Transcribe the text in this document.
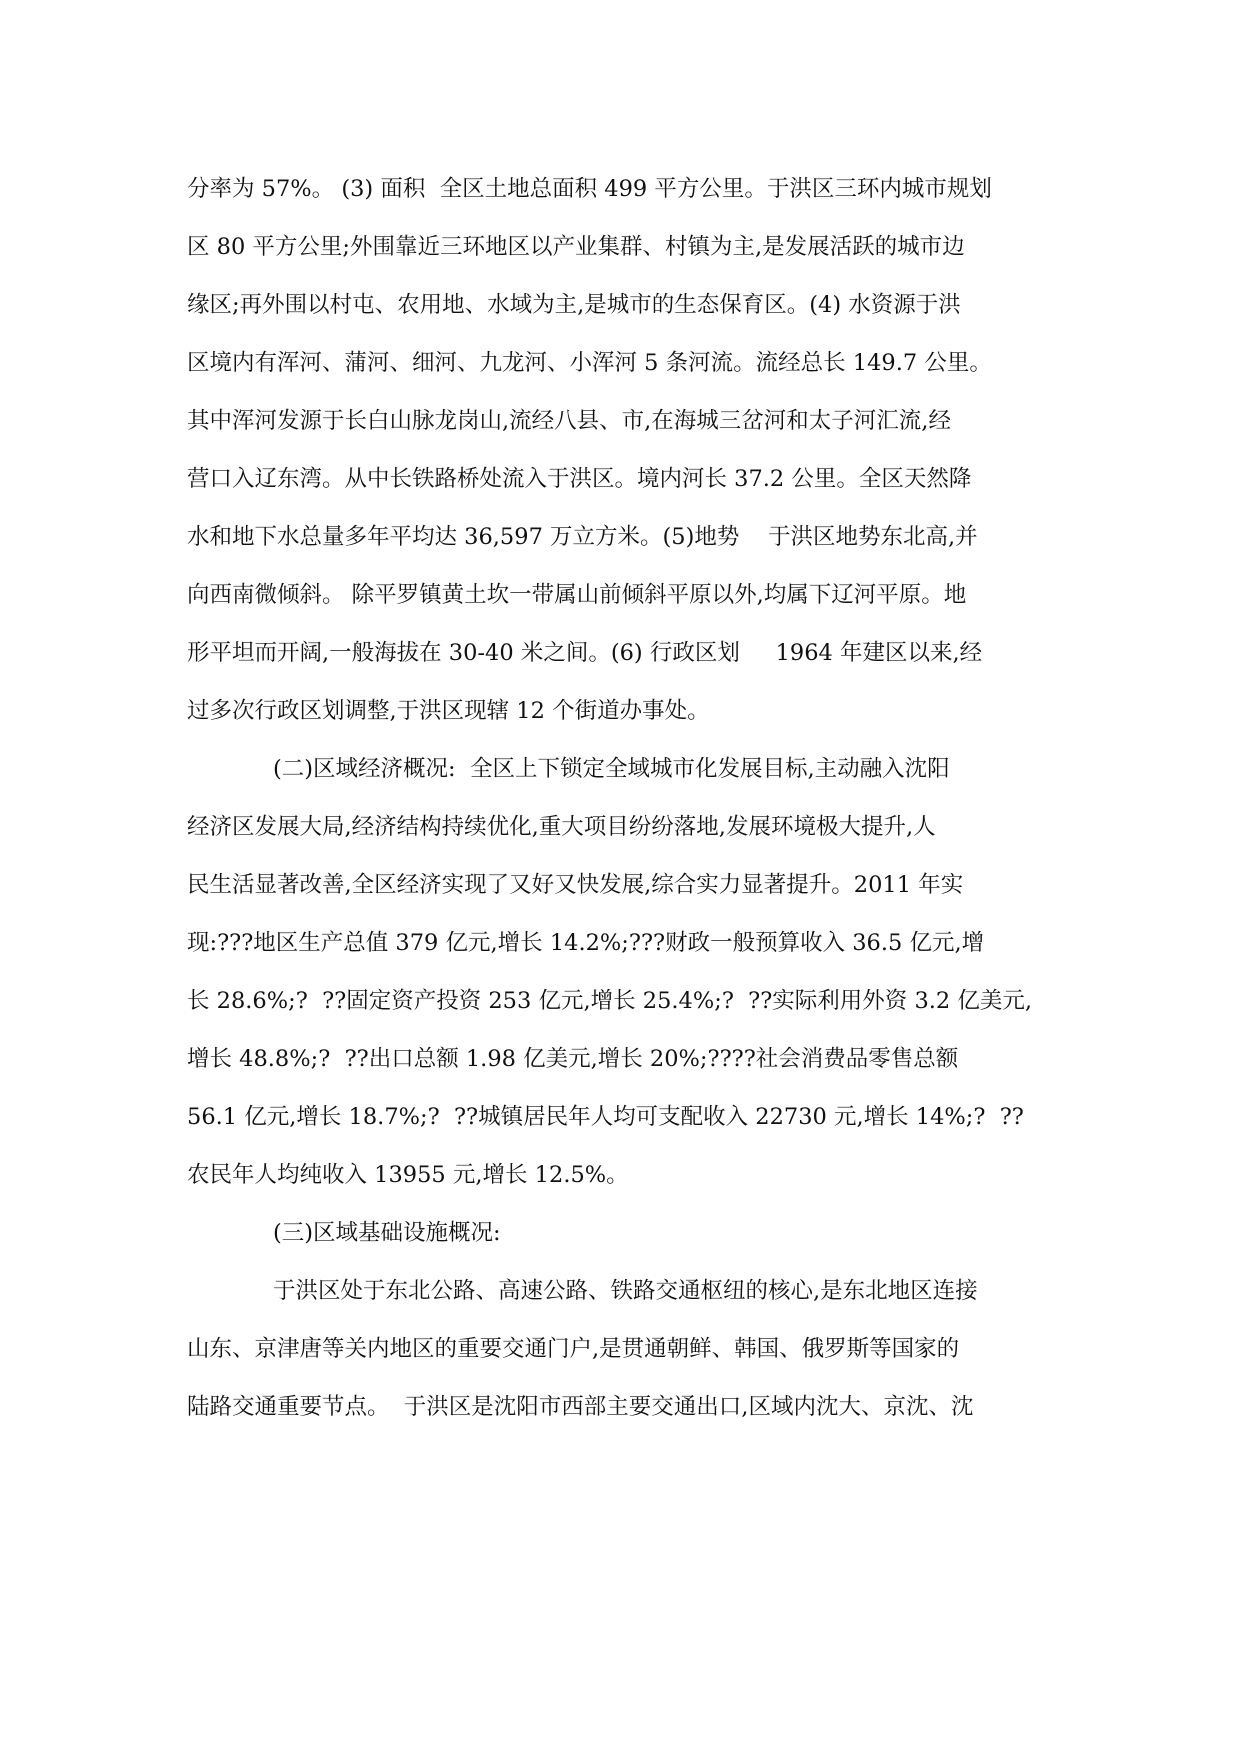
分率为 57%。 (3) 面积  全区土地总面积 499 平方公里。于洪区三环内城市规划
区 80 平方公里;外围靠近三环地区以产业集群、村镇为主,是发展活跃的城市边
缘区;再外围以村屯、农用地、水域为主,是城市的生态保育区。(4) 水资源于洪
区境内有浑河、蒲河、细河、九龙河、小浑河 5 条河流。流经总长 149.7 公里。
其中浑河发源于长白山脉龙岗山,流经八县、市,在海城三岔河和太子河汇流,经
营口入辽东湾。从中长铁路桥处流入于洪区。境内河长 37.2 公里。全区天然降
水和地下水总量多年平均达 36,597 万立方米。(5)地势    于洪区地势东北高,并
向西南微倾斜。 除平罗镇黄土坎一带属山前倾斜平原以外,均属下辽河平原。地
形平坦而开阔,一般海拔在 30-40 米之间。(6) 行政区划     1964 年建区以来,经
过多次行政区划调整,于洪区现辖 12 个街道办事处。
(二)区域经济概况:  全区上下锁定全域城市化发展目标,主动融入沈阳
经济区发展大局,经济结构持续优化,重大项目纷纷落地,发展环境极大提升,人
民生活显著改善,全区经济实现了又好又快发展,综合实力显著提升。2011 年实
现:???地区生产总值 379 亿元,增长 14.2%;???财政一般预算收入 36.5 亿元,增
长 28.6%;?  ??固定资产投资 253 亿元,增长 25.4%;?  ??实际利用外资 3.2 亿美元,
增长 48.8%;?  ??出口总额 1.98 亿美元,增长 20%;????社会消费品零售总额
56.1 亿元,增长 18.7%;?  ??城镇居民年人均可支配收入 22730 元,增长 14%;?  ??
农民年人均纯收入 13955 元,增长 12.5%。
(三)区域基础设施概况:
于洪区处于东北公路、高速公路、铁路交通枢纽的核心,是东北地区连接
山东、京津唐等关内地区的重要交通门户,是贯通朝鲜、韩国、俄罗斯等国家的
陆路交通重要节点。  于洪区是沈阳市西部主要交通出口,区域内沈大、京沈、沈
